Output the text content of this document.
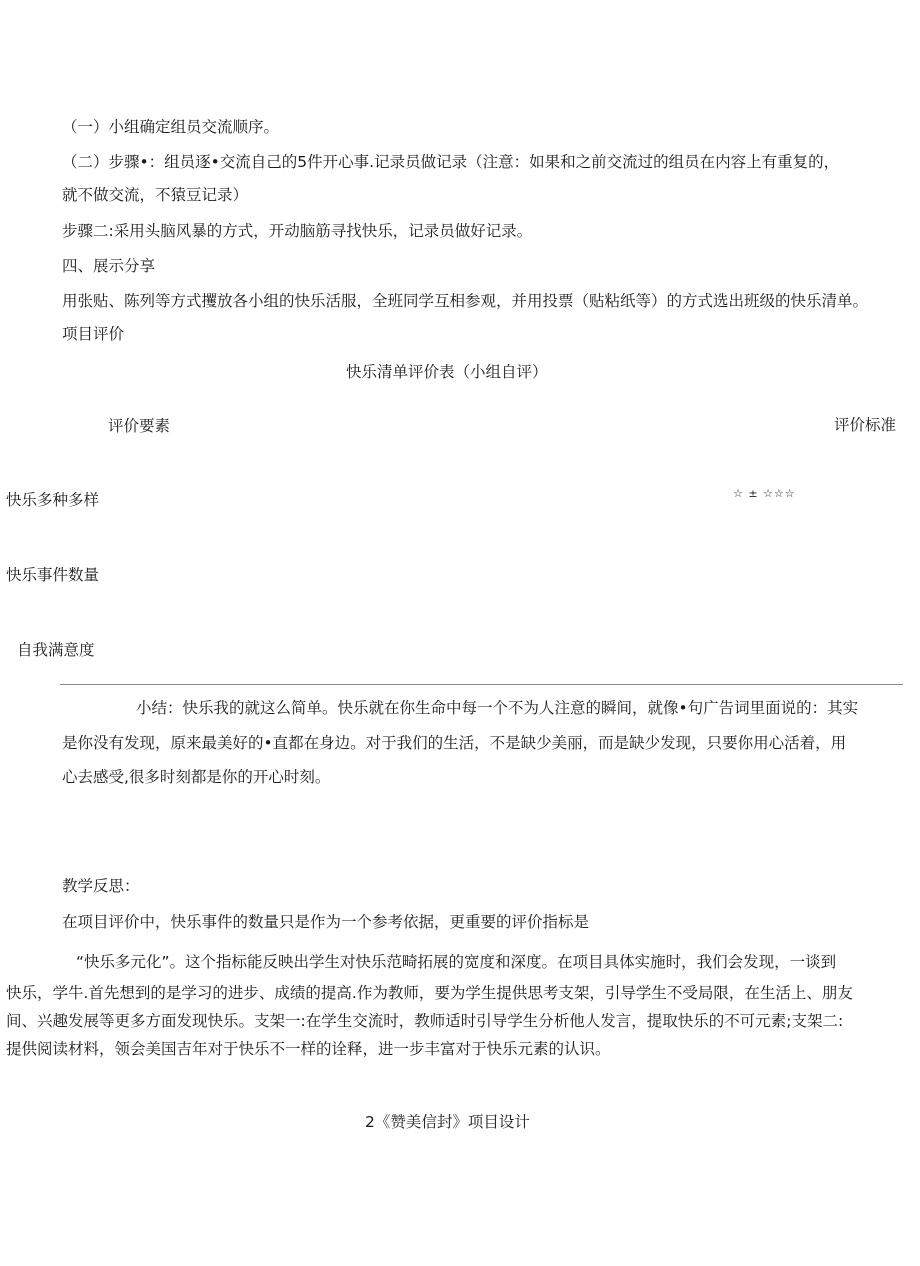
（一）小组确定组员交流顺序。

（二）步骤•：组员逐•交流自己的5件开心事.记录员做记录（注意：如果和之前交流过的组员在内容上有重复的，

就不做交流，不猿豆记录）

步骤二:采用头脑风暴的方式，开动脑筋寻找快乐，记录员做好记录。

四、展示分享

用张贴、陈列等方式攫放各小组的快乐活服，全班同学互相参观，并用投票（贴粘纸等）的方式选出班级的快乐清单。

项目评价

快乐清单评价表（小组自评）

评价要素	评价标准

快乐多种多样	☆ ± ☆☆☆

快乐事件数量

自我满意度

小结：快乐我的就这么简单。快乐就在你生命中每一个不为人注意的瞬间，就像•句广告词里面说的：其实

是你没有发现，原来最美好的•直都在身边。对于我们的生活，不是缺少美丽，而是缺少发现，只要你用心活着，用

心去感受,很多时刻都是你的开心时刻。

教学反思：

在项目评价中，快乐事件的数量只是作为一个参考依据，更重要的评价指标是

“快乐多元化”。这个指标能反映出学生对快乐范畸拓展的宽度和深度。在项目具体实施时，我们会发现，一谈到

快乐，学牛.首先想到的是学习的进步、成绩的提高.作为教师，要为学生提供思考支架，引导学生不受局限，在生活上、朋友

间、兴趣发展等更多方面发现快乐。支架一:在学生交流时，教师适时引导学生分析他人发言，提取快乐的不可元素;支架二:

提供阅读材料，领会美国吉年对于快乐不一样的诠释，进一步丰富对于快乐元素的认识。

2《赞美信封》项目设计
